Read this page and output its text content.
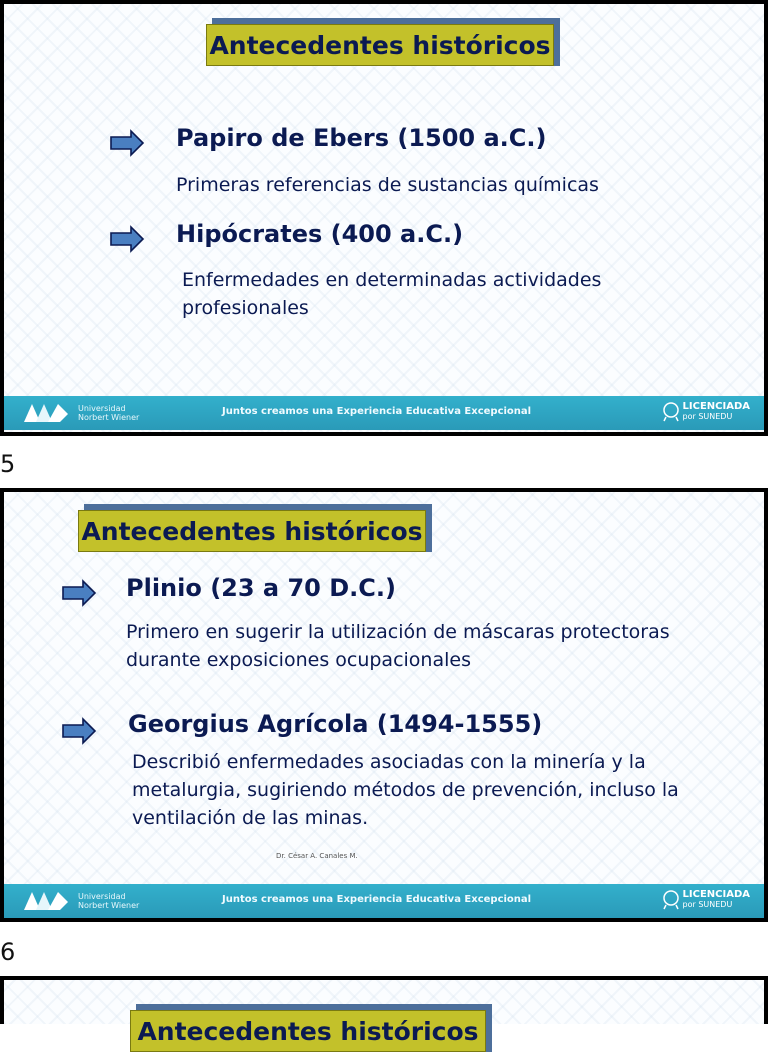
Antecedentes históricos
Papiro de Ebers (1500 a.C.)
Primeras referencias de sustancias químicas
Hipócrates (400 a.C.)
Enfermedades en determinadas actividades profesionales
Universidad Norbert Wiener
Juntos creamos una Experiencia Educativa Excepcional	LICENCIADA
por SUNEDU
5
Antecedentes históricos
Plinio (23 a 70 D.C.)
Primero en sugerir la utilización de máscaras protectoras durante exposiciones ocupacionales
Georgius Agrícola (1494-1555)
Describió enfermedades asociadas con la minería y la metalurgia, sugiriendo métodos de prevención, incluso la ventilación de las minas.
Dr. César A. Canales M.
Universidad Norbert Wiener
Juntos creamos una Experiencia Educativa Excepcional	LICENCIADA
por SUNEDU
6
Antecedentes históricos
